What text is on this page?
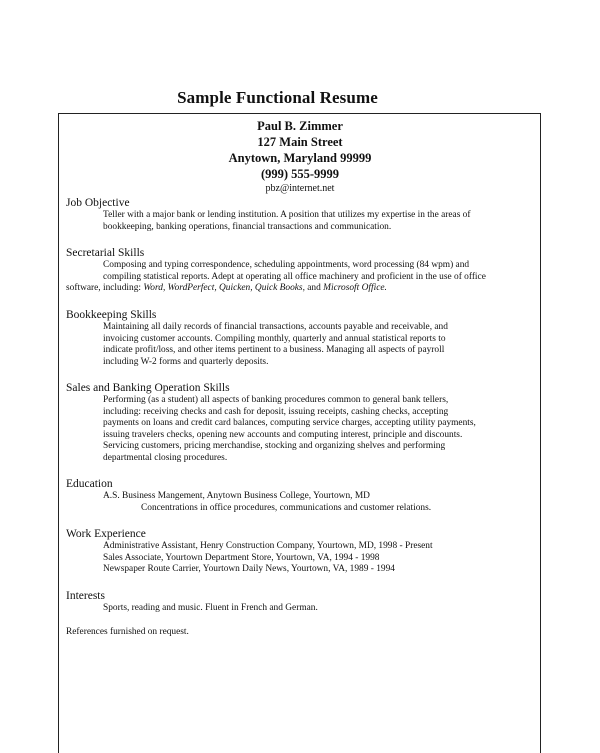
Sample Functional Resume
Paul B. Zimmer
127 Main Street
Anytown, Maryland 99999
(999) 555-9999
pbz@internet.net
Job Objective
Teller with a major bank or lending institution. A position that utilizes my expertise in the areas of
bookkeeping, banking operations, financial transactions and communication.
Secretarial Skills
Composing and typing correspondence, scheduling appointments, word processing (84 wpm) and
compiling statistical reports. Adept at operating all office machinery and proficient in the use of office
software, including: Word, WordPerfect, Quicken, Quick Books, and Microsoft Office.
Bookkeeping Skills
Maintaining all daily records of financial transactions, accounts payable and receivable, and
invoicing customer accounts. Compiling monthly, quarterly and annual statistical reports to
indicate profit/loss, and other items pertinent to a business. Managing all aspects of payroll
including W-2 forms and quarterly deposits.
Sales and Banking Operation Skills
Performing (as a student) all aspects of banking procedures common to general bank tellers,
including: receiving checks and cash for deposit, issuing receipts, cashing checks, accepting
payments on loans and credit card balances, computing service charges, accepting utility payments,
issuing travelers checks, opening new accounts and computing interest, principle and discounts.
Servicing customers, pricing merchandise, stocking and organizing shelves and performing
departmental closing procedures.
Education
A.S. Business Mangement, Anytown Business College, Yourtown, MD
Concentrations in office procedures, communications and customer relations.
Work Experience
Administrative Assistant, Henry Construction Company, Yourtown, MD, 1998 - Present
Sales Associate, Yourtown Department Store, Yourtown, VA, 1994 - 1998
Newspaper Route Carrier, Yourtown Daily News, Yourtown, VA, 1989 - 1994
Interests
Sports, reading and music. Fluent in French and German.
References furnished on request.
